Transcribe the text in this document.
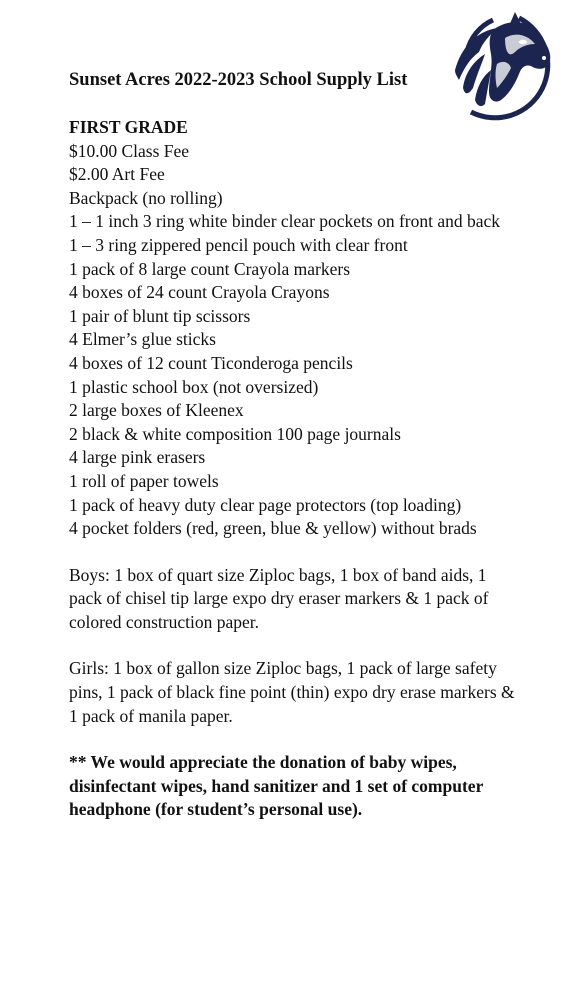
Sunset Acres 2022-2023 School Supply List

FIRST GRADE

$10.00 Class Fee
$2.00 Art Fee
Backpack (no rolling)
1 – 1 inch 3 ring white binder clear pockets on front and back
1 – 3 ring zippered pencil pouch with clear front
1 pack of 8 large count Crayola markers
4 boxes of 24 count Crayola Crayons
1 pair of blunt tip scissors
4 Elmer’s glue sticks
4 boxes of 12 count Ticonderoga pencils
1 plastic school box (not oversized)
2 large boxes of Kleenex
2 black & white composition 100 page journals
4 large pink erasers
1 roll of paper towels
1 pack of heavy duty clear page protectors (top loading)
4 pocket folders (red, green, blue & yellow) without brads

Boys: 1 box of quart size Ziploc bags, 1 box of band aids, 1 pack of chisel tip large expo dry eraser markers & 1 pack of colored construction paper.

Girls: 1 box of gallon size Ziploc bags, 1 pack of large safety pins, 1 pack of black fine point (thin) expo dry erase markers & 1 pack of manila paper.

** We would appreciate the donation of baby wipes, disinfectant wipes, hand sanitizer and 1 set of computer headphone (for student’s personal use).
